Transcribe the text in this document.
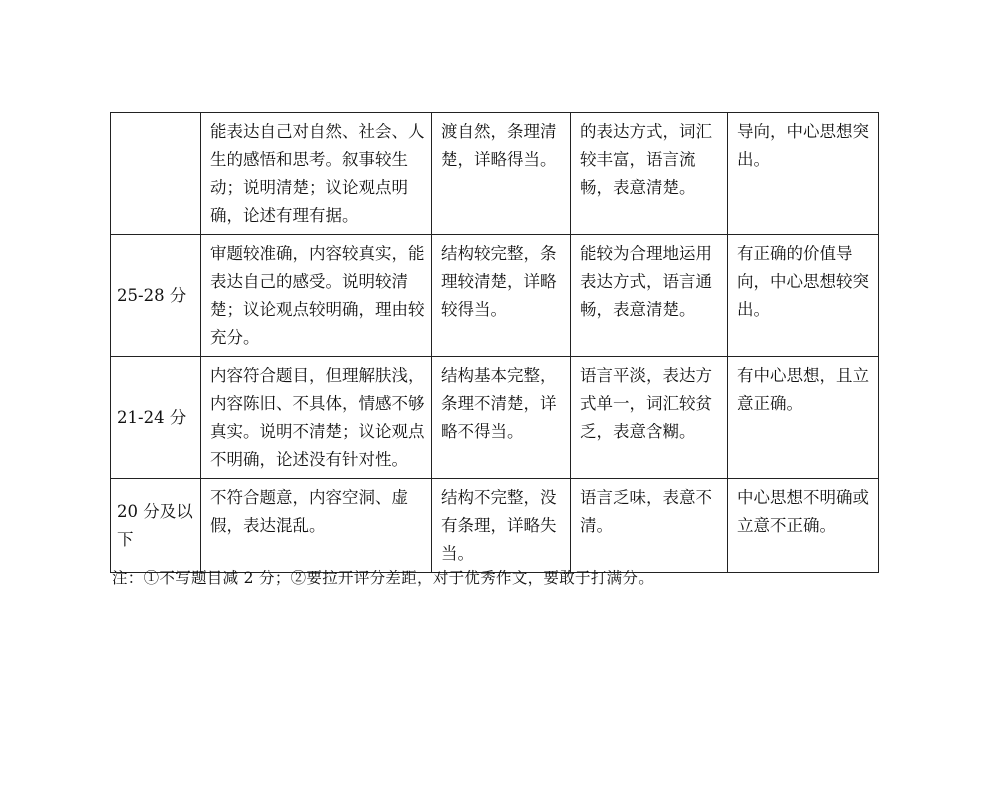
	能表达自己对自然、社会、人生的感悟和思考。叙事较生动；说明清楚；议论观点明确，论述有理有据。	渡自然，条理清楚，详略得当。	的表达方式，词汇较丰富，语言流畅，表意清楚。	导向，中心思想突出。
25-28 分	审题较准确，内容较真实，能表达自己的感受。说明较清楚；议论观点较明确，理由较充分。	结构较完整，条理较清楚，详略较得当。	能较为合理地运用表达方式，语言通畅，表意清楚。	有正确的价值导向，中心思想较突出。
21-24 分	内容符合题目，但理解肤浅，内容陈旧、不具体，情感不够真实。说明不清楚；议论观点不明确，论述没有针对性。	结构基本完整，条理不清楚，详略不得当。	语言平淡，表达方式单一，词汇较贫乏，表意含糊。	有中心思想，且立意正确。
20 分及以下	不符合题意，内容空洞、虚假，表达混乱。	结构不完整，没有条理，详略失当。	语言乏味，表意不清。	中心思想不明确或立意不正确。
注：①不写题目减 2 分；②要拉开评分差距，对于优秀作文，要敢于打满分。
